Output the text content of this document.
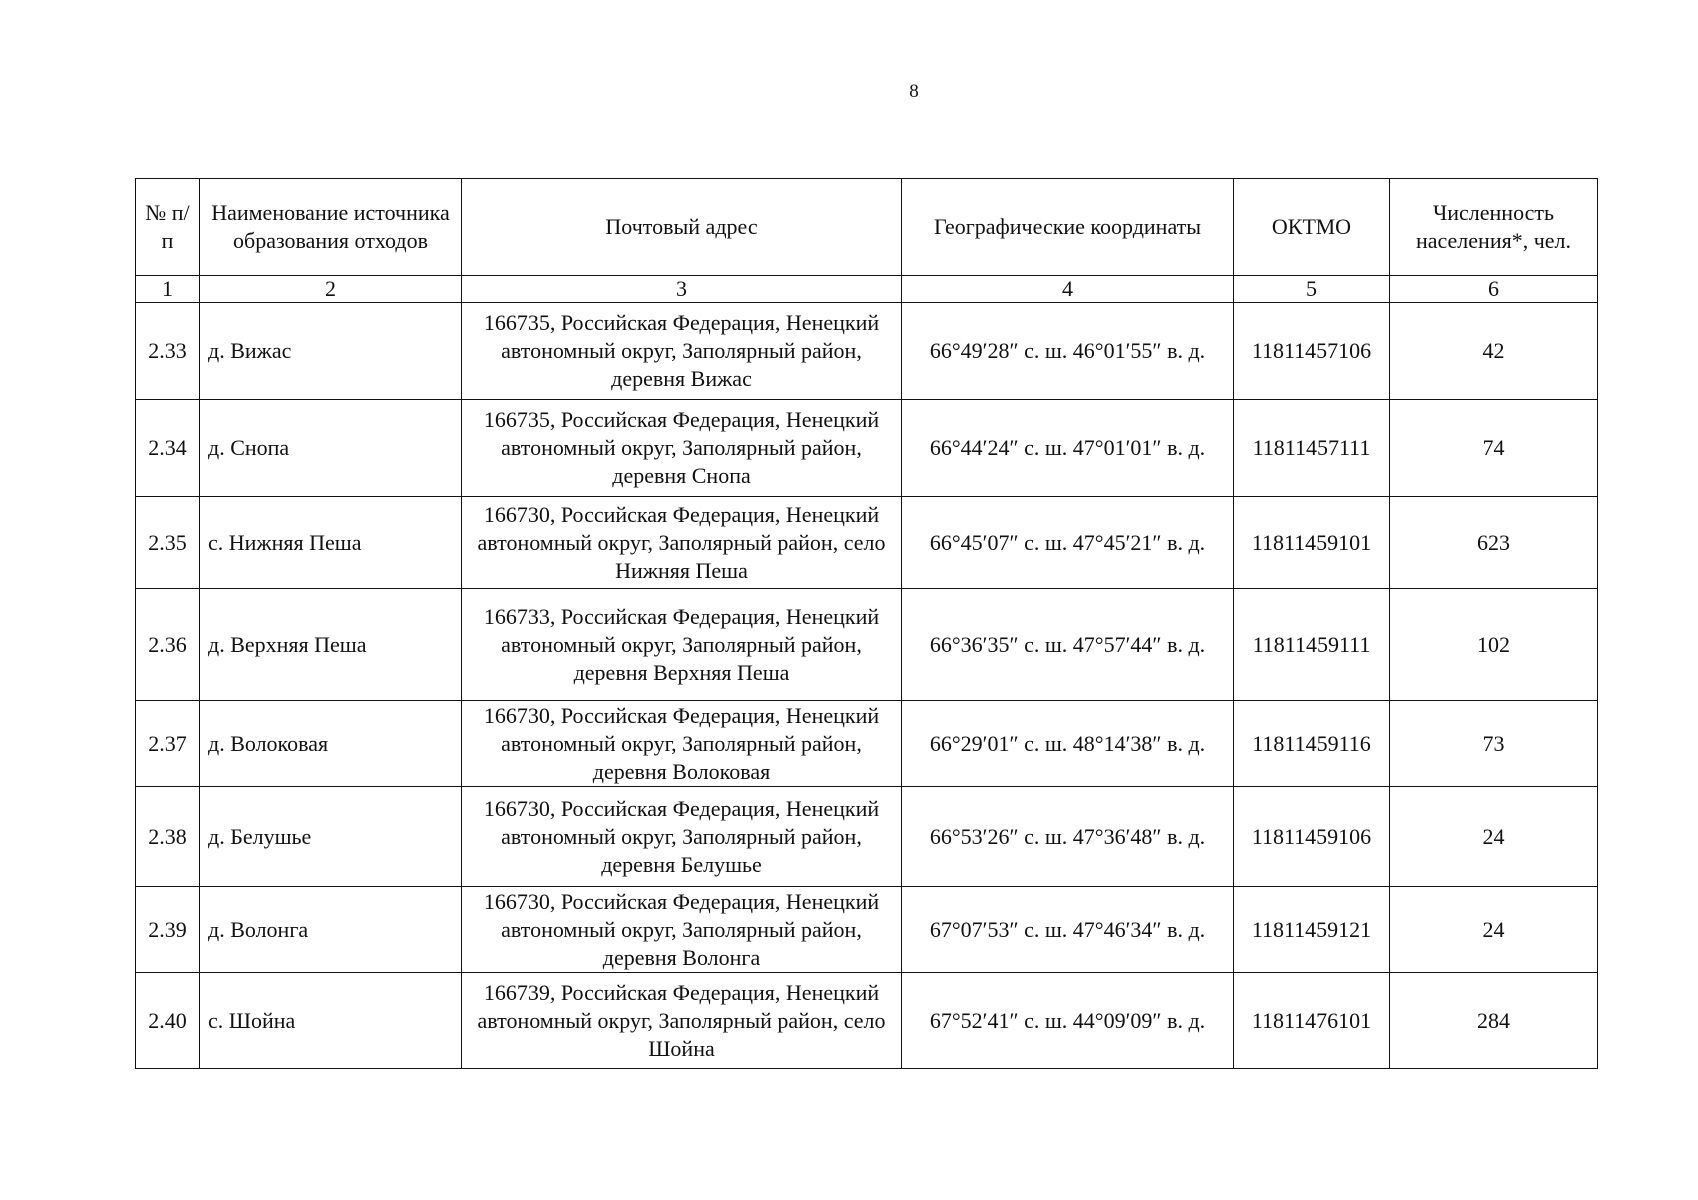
8
№ п/п	Наименование источника образования отходов	Почтовый адрес	Географические координаты	ОКТМО	Численность населения*, чел.
1	2	3	4	5	6
2.33	д. Вижас	166735, Российская Федерация, Ненецкий автономный округ, Заполярный район, деревня Вижас	66°49′28″ с. ш. 46°01′55″ в. д.	11811457106	42
2.34	д. Снопа	166735, Российская Федерация, Ненецкий автономный округ, Заполярный район, деревня Снопа	66°44′24″ с. ш. 47°01′01″ в. д.	11811457111	74
2.35	с. Нижняя Пеша	166730, Российская Федерация, Ненецкий автономный округ, Заполярный район, село Нижняя Пеша	66°45′07″ с. ш. 47°45′21″ в. д.	11811459101	623
2.36	д. Верхняя Пеша	166733, Российская Федерация, Ненецкий автономный округ, Заполярный район, деревня Верхняя Пеша	66°36′35″ с. ш. 47°57′44″ в. д.	11811459111	102
2.37	д. Волоковая	166730, Российская Федерация, Ненецкий автономный округ, Заполярный район, деревня Волоковая	66°29′01″ с. ш. 48°14′38″ в. д.	11811459116	73
2.38	д. Белушье	166730, Российская Федерация, Ненецкий автономный округ, Заполярный район, деревня Белушье	66°53′26″ с. ш. 47°36′48″ в. д.	11811459106	24
2.39	д. Волонга	166730, Российская Федерация, Ненецкий автономный округ, Заполярный район, деревня Волонга	67°07′53″ с. ш. 47°46′34″ в. д.	11811459121	24
2.40	с. Шойна	166739, Российская Федерация, Ненецкий автономный округ, Заполярный район, село Шойна	67°52′41″ с. ш. 44°09′09″ в. д.	11811476101	284
